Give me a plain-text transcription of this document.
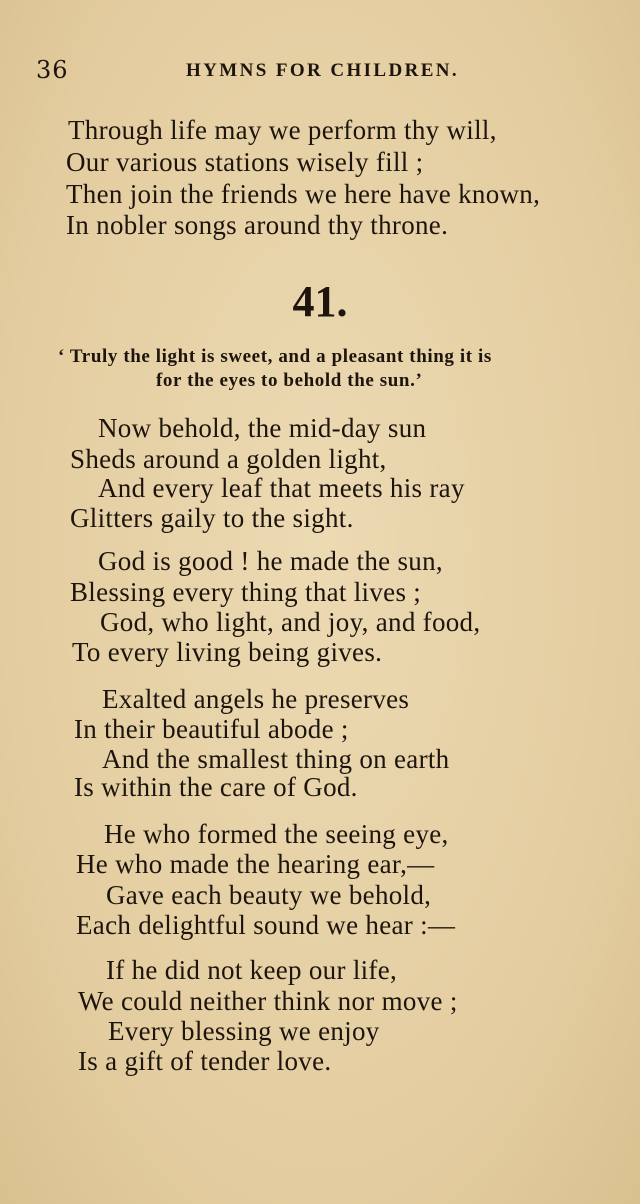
36	HYMNS FOR CHILDREN.
Through life may we perform thy will,
Our various stations wisely fill ;
Then join the friends we here have known,
In nobler songs around thy throne.
41.
‘ Truly the light is sweet, and a pleasant thing it is
for the eyes to behold the sun.’
Now behold, the mid-day sun
Sheds around a golden light,
And every leaf that meets his ray
Glitters gaily to the sight.
God is good ! he made the sun,
Blessing every thing that lives ;
God, who light, and joy, and food,
To every living being gives.
Exalted angels he preserves
In their beautiful abode ;
And the smallest thing on earth
Is within the care of God.
He who formed the seeing eye,
He who made the hearing ear,—
Gave each beauty we behold,
Each delightful sound we hear :—
If he did not keep our life,
We could neither think nor move ;
Every blessing we enjoy
Is a gift of tender love.
